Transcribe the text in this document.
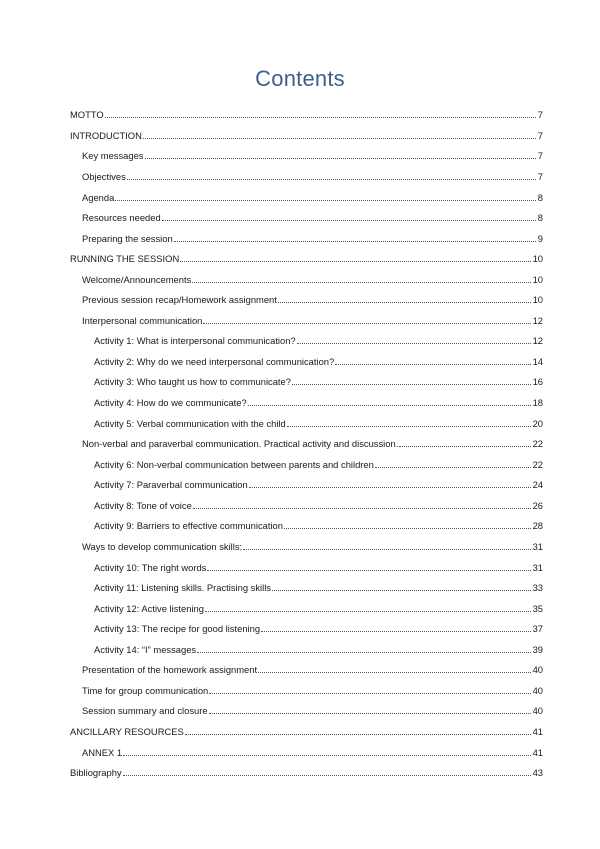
Contents
MOTTO	7
INTRODUCTION	7
Key messages	7
Objectives	7
Agenda	8
Resources needed	8
Preparing the session	9
RUNNING THE SESSION	10
Welcome/Announcements	10
Previous session recap/Homework assignment	10
Interpersonal communication	12
Activity 1: What is interpersonal communication?	12
Activity 2: Why do we need interpersonal communication?	14
Activity 3: Who taught us how to communicate?	16
Activity 4: How do we communicate?	18
Activity 5: Verbal communication with the child	20
Non-verbal and paraverbal communication. Practical activity and discussion.	22
Activity 6: Non-verbal communication between parents and children	22
Activity 7: Paraverbal communication	24
Activity 8: Tone of voice	26
Activity 9: Barriers to effective communication	28
Ways to develop communication skills:	31
Activity 10: The right words	31
Activity 11: Listening skills. Practising skills	33
Activity 12: Active listening	35
Activity 13: The recipe for good listening	37
Activity 14: “I” messages	39
Presentation of the homework assignment	40
Time for group communication	40
Session summary and closure	40
ANCILLARY RESOURCES	41
ANNEX 1	41
Bibliography	43
